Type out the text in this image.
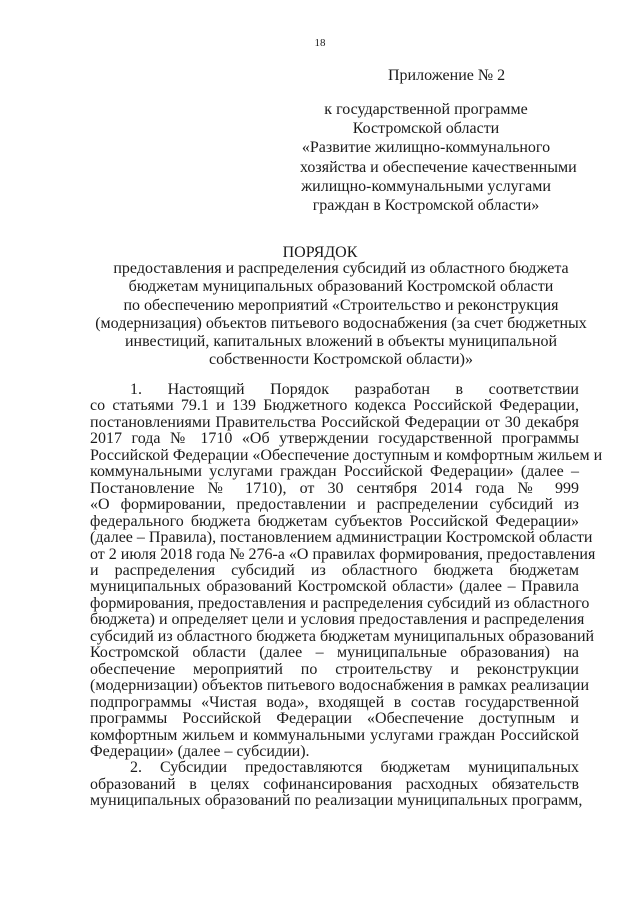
18
Приложение № 2
к государственной программе
Костромской области
«Развитие жилищно-коммунального
хозяйства и обеспечение качественными
жилищно-коммунальными услугами
граждан в Костромской области»
ПОРЯДОК
предоставления и распределения субсидий из областного бюджета
бюджетам муниципальных образований Костромской области
по обеспечению мероприятий «Строительство и реконструкция
(модернизация) объектов питьевого водоснабжения (за счет бюджетных
инвестиций, капитальных вложений в объекты муниципальной
собственности Костромской области)»
1. Настоящий Порядок разработан в соответствии
со статьями 79.1 и 139 Бюджетного кодекса Российской Федерации,
постановлениями Правительства Российской Федерации от 30 декабря
2017 года № 1710 «Об утверждении государственной программы
Российской Федерации «Обеспечение доступным и комфортным жильем и
коммунальными услугами граждан Российской Федерации» (далее –
Постановление № 1710), от 30 сентября 2014 года № 999
«О формировании, предоставлении и распределении субсидий из
федерального бюджета бюджетам субъектов Российской Федерации»
(далее – Правила), постановлением администрации Костромской области
от 2 июля 2018 года № 276-а «О правилах формирования, предоставления
и распределения субсидий из областного бюджета бюджетам
муниципальных образований Костромской области» (далее – Правила
формирования, предоставления и распределения субсидий из областного
бюджета) и определяет цели и условия предоставления и распределения
субсидий из областного бюджета бюджетам муниципальных образований
Костромской области (далее – муниципальные образования) на
обеспечение мероприятий по строительству и реконструкции
(модернизации) объектов питьевого водоснабжения в рамках реализации
подпрограммы «Чистая вода», входящей в состав государственной
программы Российской Федерации «Обеспечение доступным и
комфортным жильем и коммунальными услугами граждан Российской
Федерации» (далее – субсидии).
2. Субсидии предоставляются бюджетам муниципальных
образований в целях софинансирования расходных обязательств
муниципальных образований по реализации муниципальных программ,
